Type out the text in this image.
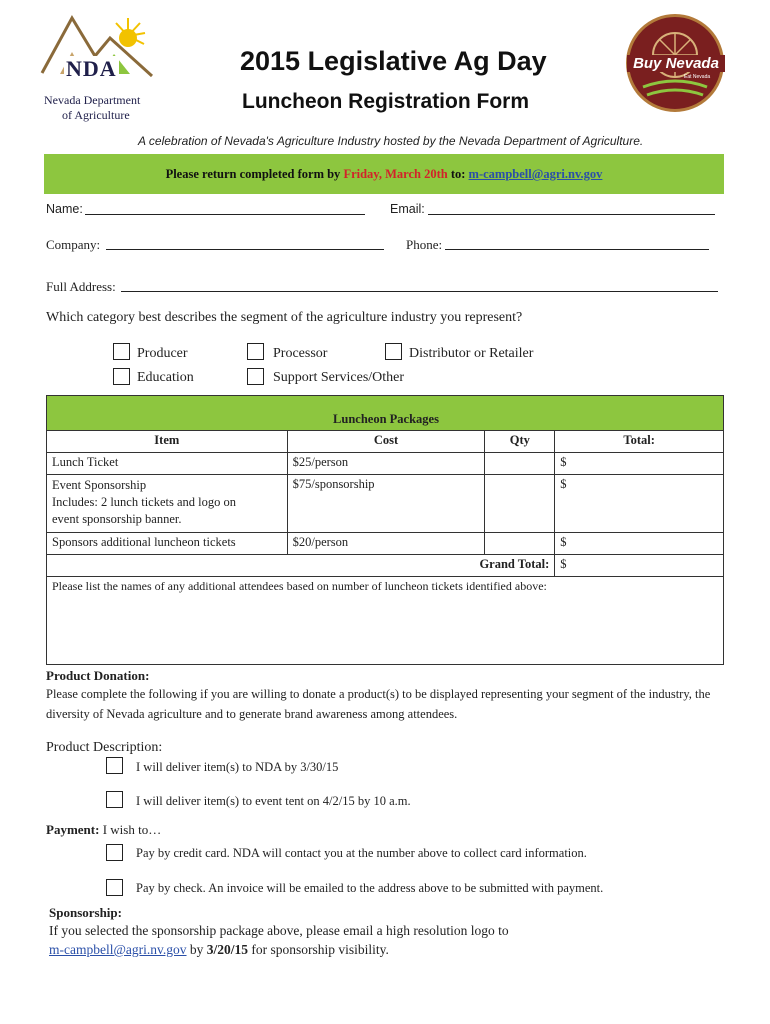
NDA
Nevada Department
of Agriculture
2015 Legislative Ag Day
Luncheon Registration Form
Buy Nevada
Eat Nevada
A celebration of Nevada's Agriculture Industry hosted by the Nevada Department of Agriculture.
Please return completed form by Friday, March 20th to: m-campbell@agri.nv.gov
Name:	Email:
Company:	Phone:
Full Address:
Which category best describes the segment of the agriculture industry you represent?
Producer	Processor	Distributor or Retailer
Education	Support Services/Other
Luncheon Packages
Item	Cost	Qty	Total:
Lunch Ticket	$25/person		$
Event Sponsorship
Includes: 2 lunch tickets and logo on
event sponsorship banner.	$75/sponsorship		$
Sponsors additional luncheon tickets	$20/person		$
Grand Total:			$
Please list the names of any additional attendees based on number of luncheon tickets identified above:			
Product Donation:
Please complete the following if you are willing to donate a product(s) to be displayed representing your segment of the industry, the diversity of Nevada agriculture and to generate brand awareness among attendees.
Product Description:
I will deliver item(s) to NDA by 3/30/15
I will deliver item(s) to event tent on 4/2/15 by 10 a.m.
Payment: I wish to…
Pay by credit card. NDA will contact you at the number above to collect card information.
Pay by check. An invoice will be emailed to the address above to be submitted with payment.
Sponsorship:
If you selected the sponsorship package above, please email a high resolution logo to
m-campbell@agri.nv.gov by 3/20/15 for sponsorship visibility.
